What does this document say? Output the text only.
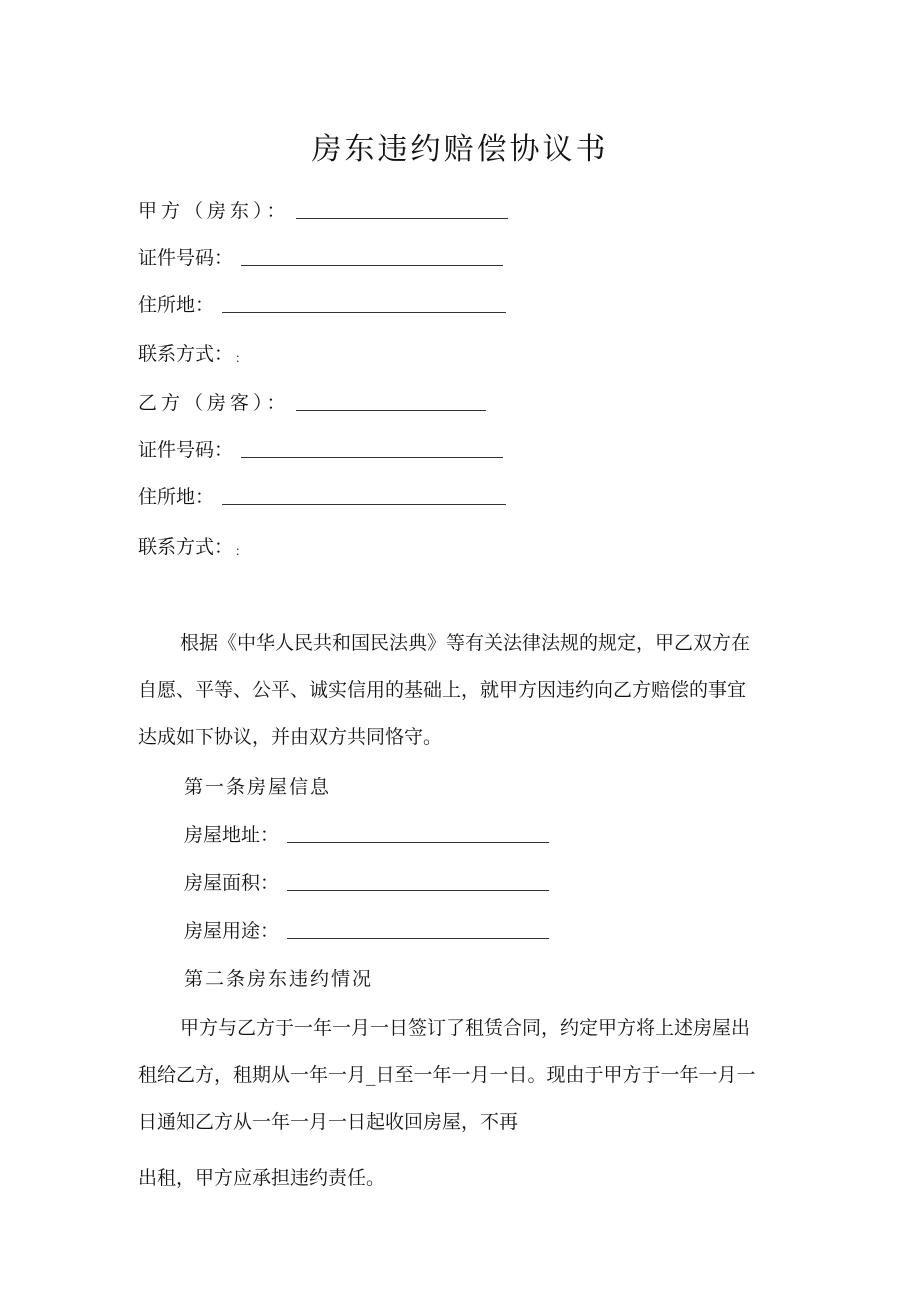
房东违约赔偿协议书
甲方（房东）：
证件号码：
住所地：
联系方式： ：
乙方（房客）：
证件号码：
住所地：
联系方式： ：
根据《中华人民共和国民法典》等有关法律法规的规定，甲乙双方在
自愿、平等、公平、诚实信用的基础上，就甲方因违约向乙方赔偿的事宜
达成如下协议，并由双方共同恪守。
第一条房屋信息
房屋地址：
房屋面积：
房屋用途：
第二条房东违约情况
甲方与乙方于一年一月一日签订了租赁合同，约定甲方将上述房屋出
租给乙方，租期从一年一月_日至一年一月一日。现由于甲方于一年一月一
日通知乙方从一年一月一日起收回房屋，不再
出租，甲方应承担违约责任。
